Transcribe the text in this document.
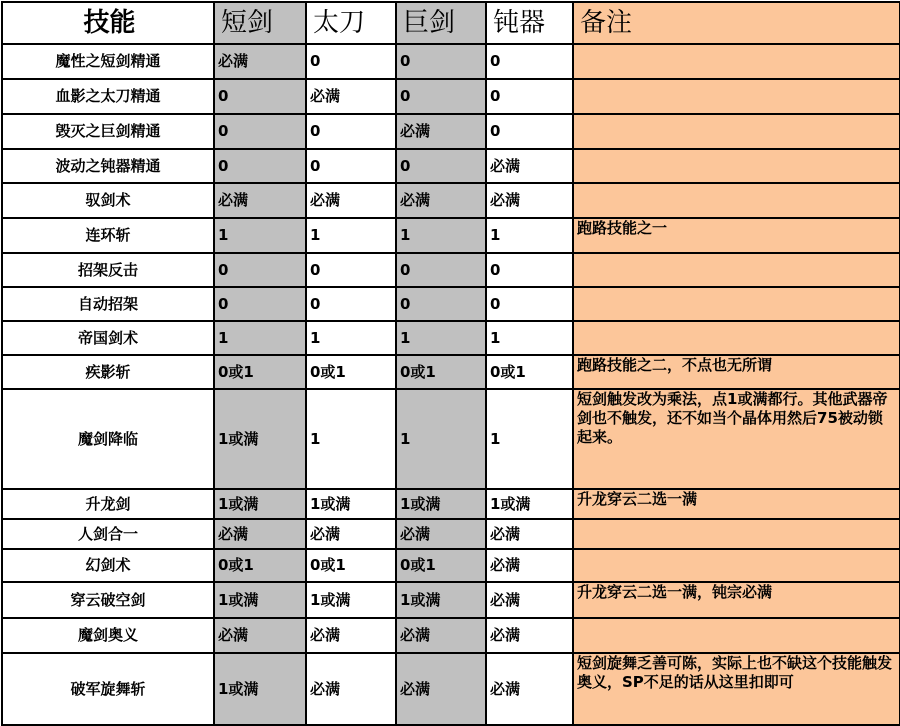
技能	短剑	太刀	巨剑	钝器	备注
魔性之短剑精通	必满	0	0	0	
血影之太刀精通	0	必满	0	0	
毁灭之巨剑精通	0	0	必满	0	
波动之钝器精通	0	0	0	必满	
驭剑术	必满	必满	必满	必满	
连环斩	1	1	1	1	跑路技能之一
招架反击	0	0	0	0	
自动招架	0	0	0	0	
帝国剑术	1	1	1	1	
疾影斩	0或1	0或1	0或1	0或1	跑路技能之二，不点也无所谓
魔剑降临	1或满	1	1	1	短剑触发改为乘法，点1或满都行。其他武器帝剑也不触发，还不如当个晶体用然后75被动锁起来。
升龙剑	1或满	1或满	1或满	1或满	升龙穿云二选一满
人剑合一	必满	必满	必满	必满	
幻剑术	0或1	0或1	0或1	必满	
穿云破空剑	1或满	1或满	1或满	必满	升龙穿云二选一满，钝宗必满
魔剑奥义	必满	必满	必满	必满	
破军旋舞斩	1或满	必满	必满	必满	短剑旋舞乏善可陈，实际上也不缺这个技能触发奥义，SP不足的话从这里扣即可
